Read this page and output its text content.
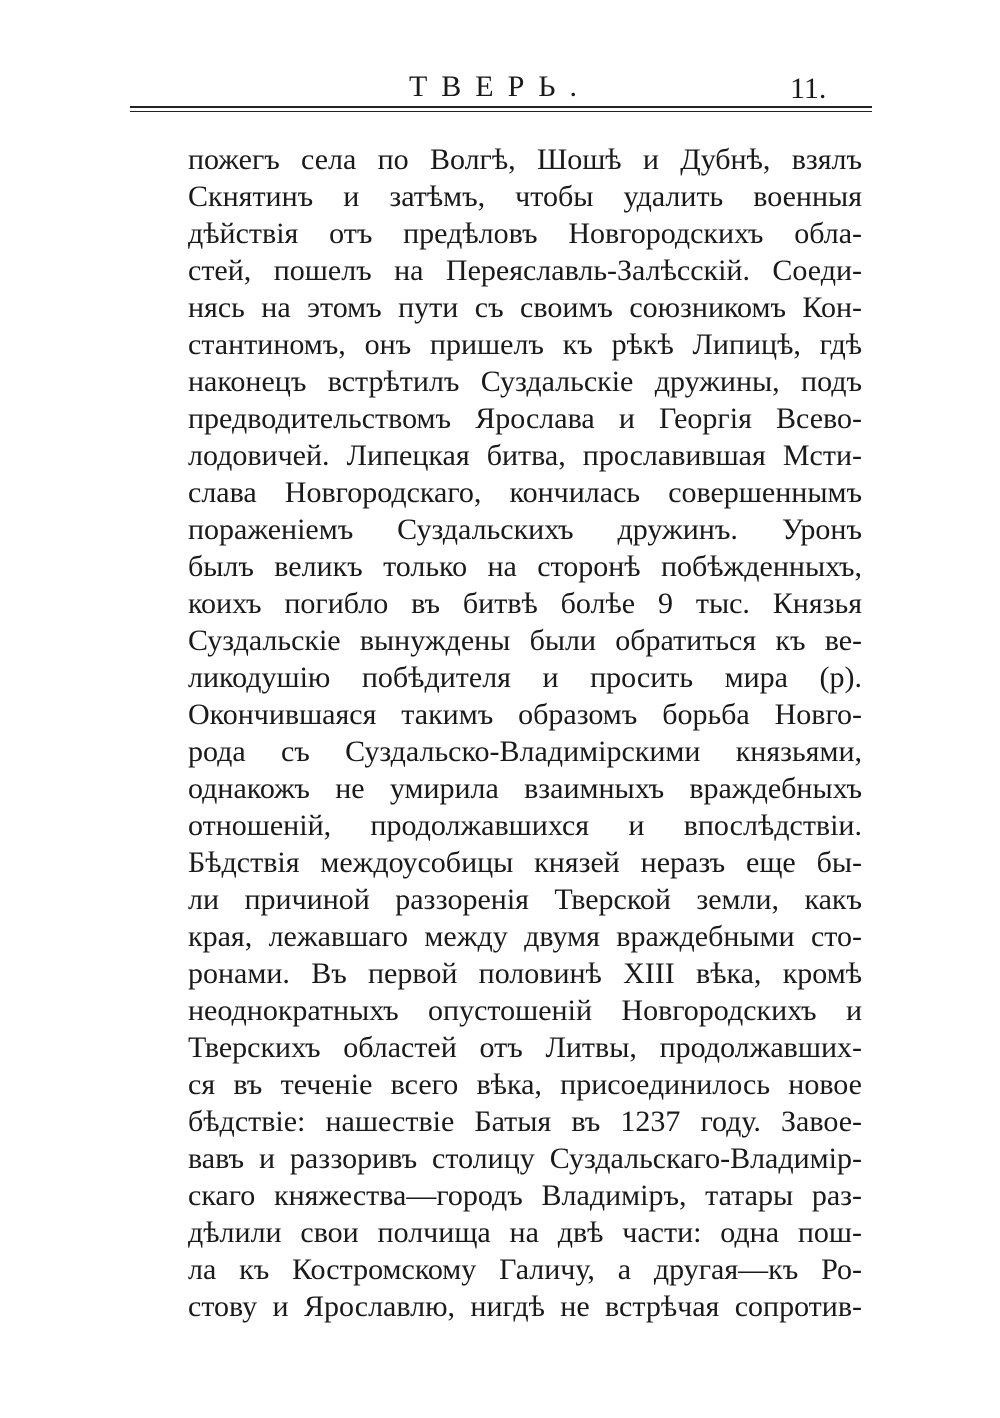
ТВЕРЬ.	11.
пожегъ села по Волгѣ, Шошѣ и Дубнѣ, взялъ
Скнятинъ и затѣмъ, чтобы удалить военныя
дѣйствія отъ предѣловъ Новгородскихъ обла-
стей, пошелъ на Переяславль-Залѣсскій. Соеди-
нясь на этомъ пути съ своимъ союзникомъ Кон-
стантиномъ, онъ пришелъ къ рѣкѣ Липицѣ, гдѣ
наконецъ встрѣтилъ Суздальскіе дружины, подъ
предводительствомъ Ярослава и Георгія Всево-
лодовичей. Липецкая битва, прославившая Мсти-
слава Новгородскаго, кончилась совершеннымъ
пораженіемъ Суздальскихъ дружинъ. Уронъ
былъ великъ только на сторонѣ побѣжденныхъ,
коихъ погибло въ битвѣ болѣе 9 тыс. Князья
Суздальскіе вынуждены были обратиться къ ве-
ликодушію побѣдителя и просить мира (р).
Окончившаяся такимъ образомъ борьба Новго-
рода съ Суздальско-Владимірскими князьями,
однакожъ не умирила взаимныхъ враждебныхъ
отношеній, продолжавшихся и впослѣдствіи.
Бѣдствія междоусобицы князей неразъ еще бы-
ли причиной раззоренія Тверской земли, какъ
края, лежавшаго между двумя враждебными сто-
ронами. Въ первой половинѣ XIII вѣка, кромѣ
неоднократныхъ опустошеній Новгородскихъ и
Тверскихъ областей отъ Литвы, продолжавших-
ся въ теченіе всего вѣка, присоединилось новое
бѣдствіе: нашествіе Батыя въ 1237 году. Завое-
вавъ и раззоривъ столицу Суздальскаго-Владимір-
скаго княжества—городъ Владиміръ, татары раз-
дѣлили свои полчища на двѣ части: одна пош-
ла къ Костромскому Галичу, а другая—къ Ро-
стову и Ярославлю, нигдѣ не встрѣчая сопротив-
